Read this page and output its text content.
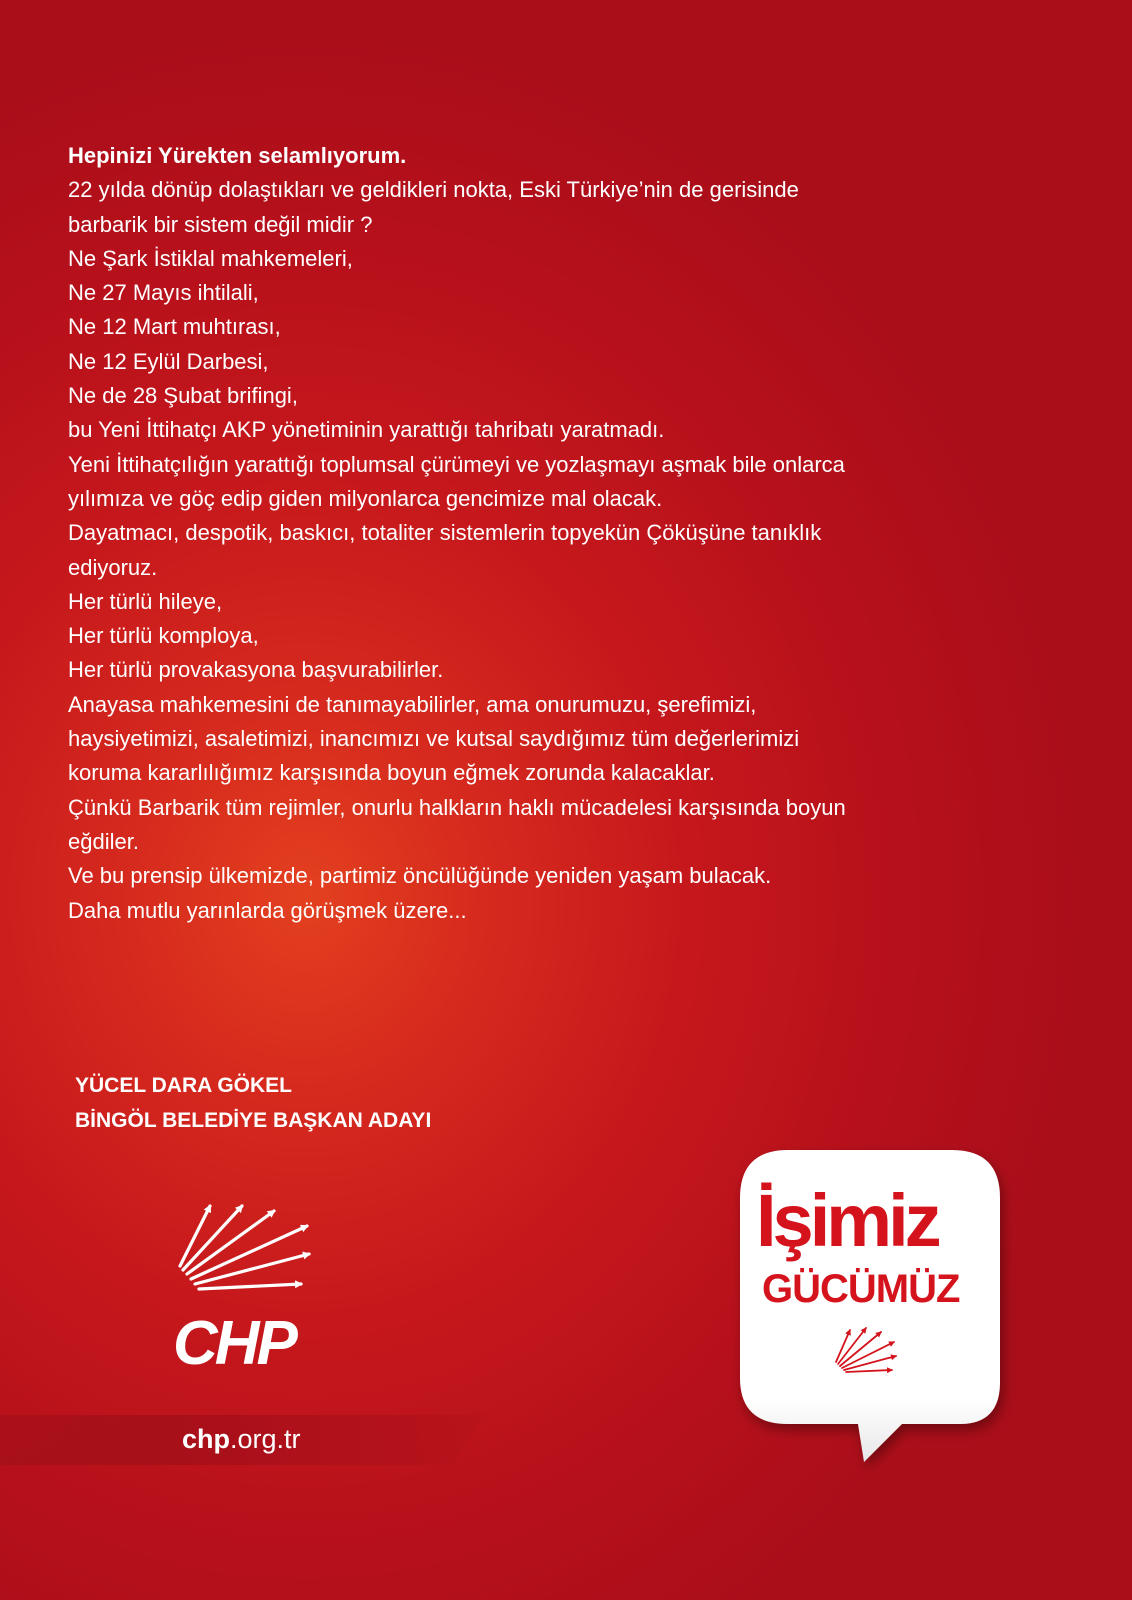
Hepinizi Yürekten selamlıyorum.
22 yılda dönüp dolaştıkları ve geldikleri nokta, Eski Türkiye’nin de gerisinde
barbarik bir sistem değil midir ?
Ne Şark İstiklal mahkemeleri,
Ne 27 Mayıs ihtilali,
Ne 12 Mart muhtırası,
Ne 12 Eylül Darbesi,
Ne de 28 Şubat brifingi,
bu Yeni İttihatçı AKP yönetiminin yarattığı tahribatı yaratmadı.
Yeni İttihatçılığın yarattığı toplumsal çürümeyi ve yozlaşmayı aşmak bile onlarca
yılımıza ve göç edip giden milyonlarca gencimize mal olacak.
Dayatmacı, despotik, baskıcı, totaliter sistemlerin topyekün Çöküşüne tanıklık
ediyoruz.
Her türlü hileye,
Her türlü komploya,
Her türlü provakasyona başvurabilirler.
Anayasa mahkemesini de tanımayabilirler, ama onurumuzu, şerefimizi,
haysiyetimizi, asaletimizi, inancımızı ve kutsal saydığımız tüm değerlerimizi
koruma kararlılığımız karşısında boyun eğmek zorunda kalacaklar.
Çünkü Barbarik tüm rejimler, onurlu halkların haklı mücadelesi karşısında boyun
eğdiler.
Ve bu prensip ülkemizde, partimiz öncülüğünde yeniden yaşam bulacak.
Daha mutlu yarınlarda görüşmek üzere...
YÜCEL DARA GÖKEL
BİNGÖL BELEDİYE BAŞKAN ADAYI
CHP
chp.org.tr
İşimiz
GÜCÜMÜZ
